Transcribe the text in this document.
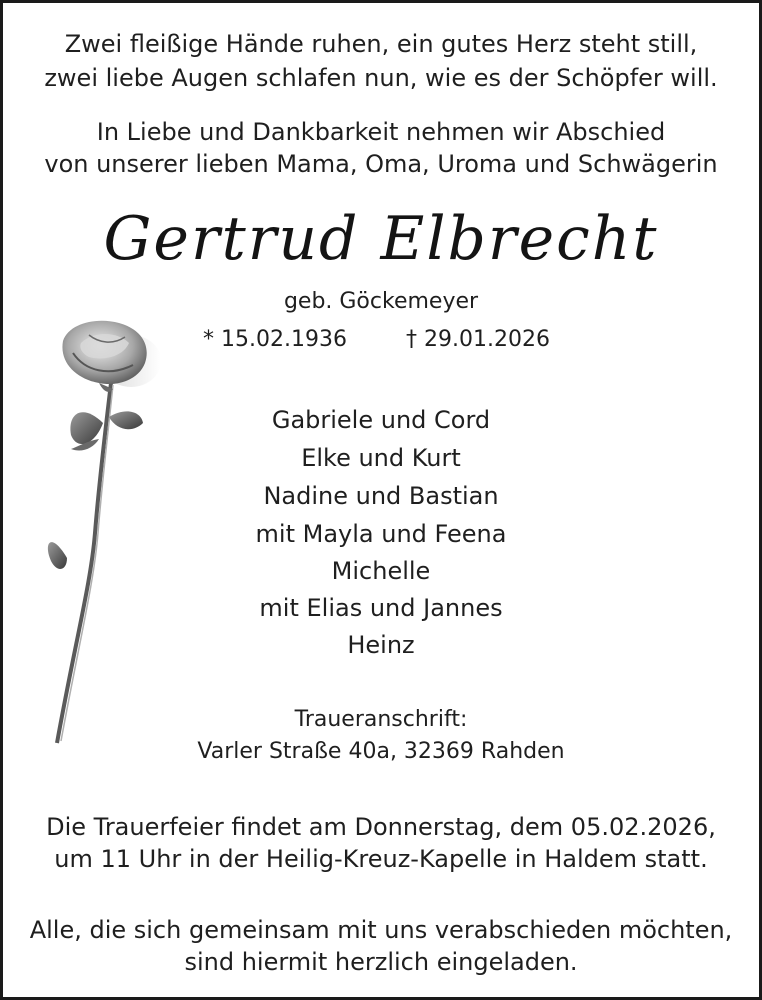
Zwei fleißige Hände ruhen, ein gutes Herz steht still,
zwei liebe Augen schlafen nun, wie es der Schöpfer will.
In Liebe und Dankbarkeit nehmen wir Abschied
von unserer lieben Mama, Oma, Uroma und Schwägerin
Gertrud Elbrecht
geb. Göckemeyer
* 15.02.1936	† 29.01.2026
Gabriele und Cord
Elke und Kurt
Nadine und Bastian
mit Mayla und Feena
Michelle
mit Elias und Jannes
Heinz
Traueranschrift:
Varler Straße 40a, 32369 Rahden
Die Trauerfeier findet am Donnerstag, dem 05.02.2026,
um 11 Uhr in der Heilig-Kreuz-Kapelle in Haldem statt.
Alle, die sich gemeinsam mit uns verabschieden möchten,
sind hiermit herzlich eingeladen.
